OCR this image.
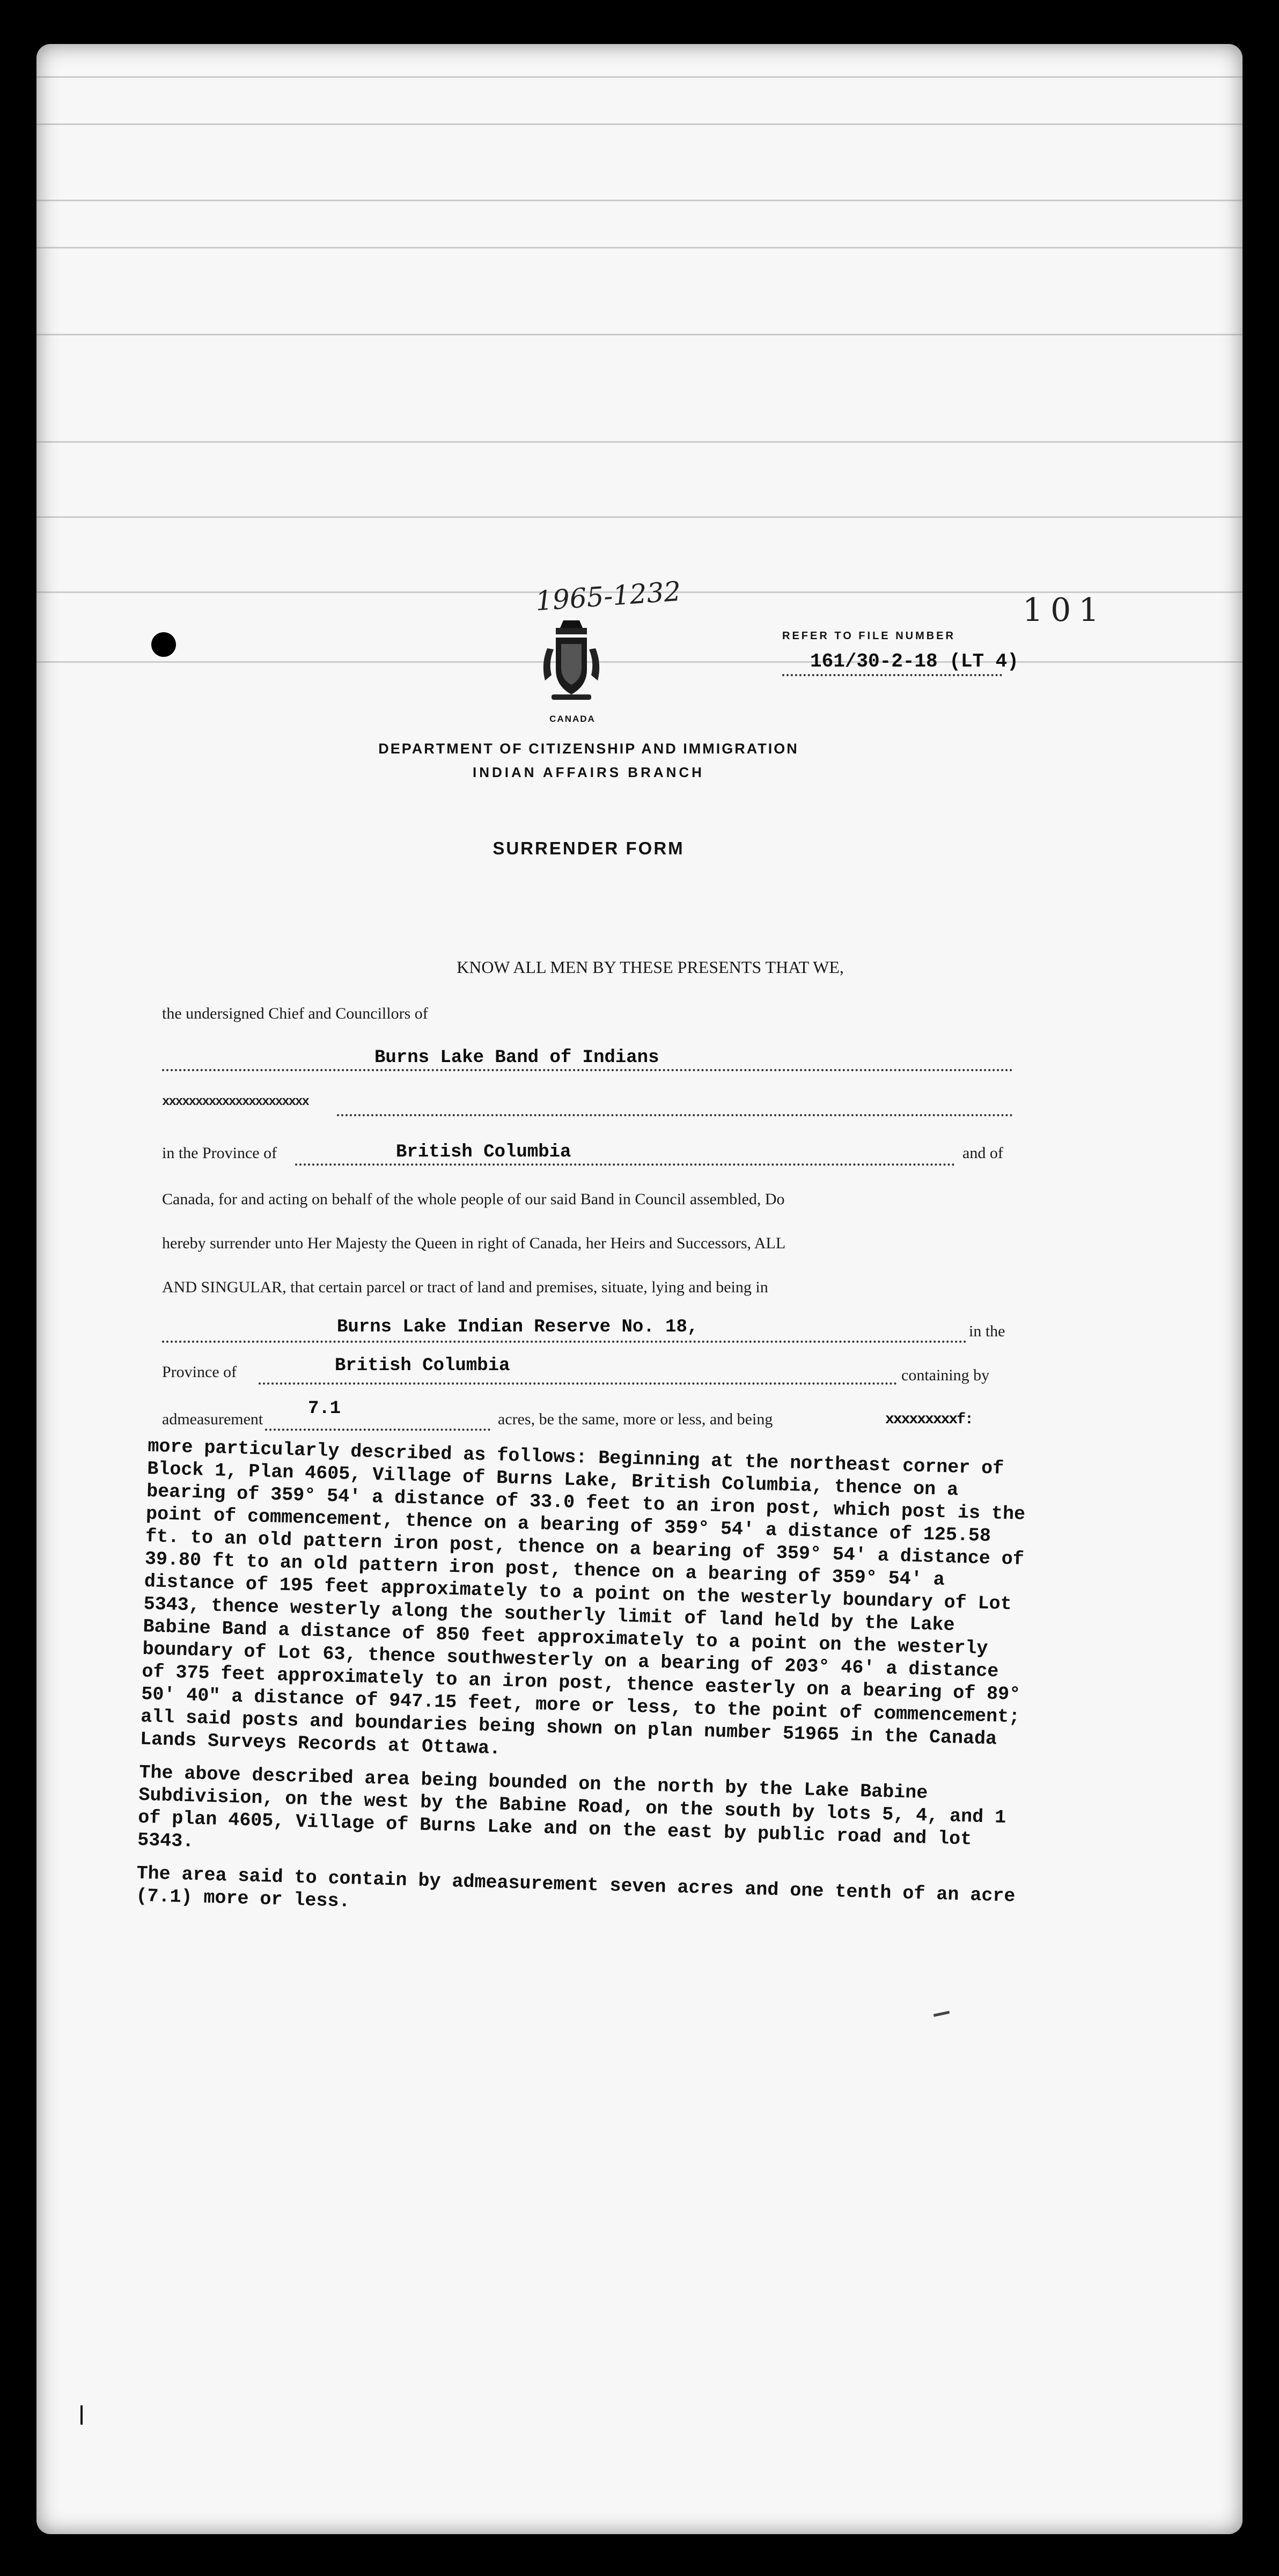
1965-1232	101
REFER TO FILE NUMBER
161/30-2-18 (LT 4)
CANADA
DEPARTMENT OF CITIZENSHIP AND IMMIGRATION
INDIAN AFFAIRS BRANCH
SURRENDER FORM
KNOW ALL MEN BY THESE PRESENTS THAT WE,
the undersigned Chief and Councillors of
Burns Lake Band of Indians
xxxxxxxxxxxxxxxxxxxxxx
in the Province of	British Columbia	and of
Canada, for and acting on behalf of the whole people of our said Band in Council assembled, Do
hereby surrender unto Her Majesty the Queen in right of Canada, her Heirs and Successors, ALL
AND SINGULAR, that certain parcel or tract of land and premises, situate, lying and being in
Burns Lake Indian Reserve No. 18,	in the
Province of	British Columbia	containing by
admeasurement
7.1
acres, be the same, more or less, and being	xxxxxxxxxf:

more particularly described as follows: Beginning at the northeast corner of Block 1, Plan 4605, Village of Burns Lake, British Columbia, thence on a bearing of 359° 54' a distance of 33.0 feet to an iron post, which post is the point of commencement, thence on a bearing of 359° 54' a distance of 125.58 ft. to an old pattern iron post, thence on a bearing of 359° 54' a distance of 39.80 ft to an old pattern iron post, thence on a bearing of 359° 54' a distance of 195 feet approximately to a point on the westerly boundary of Lot 5343, thence westerly along the southerly limit of land held by the Lake Babine Band a distance of 850 feet approximately to a point on the westerly boundary of Lot 63, thence southwesterly on a bearing of 203° 46' a distance of 375 feet approximately to an iron post, thence easterly on a bearing of 89° 50' 40" a distance of 947.15 feet, more or less, to the point of commencement; all said posts and boundaries being shown on plan number 51965 in the Canada Lands Surveys Records at Ottawa.

The above described area being bounded on the north by the Lake Babine Subdivision, on the west by the Babine Road, on the south by lots 5, 4, and 1 of plan 4605, Village of Burns Lake and on the east by public road and lot 5343.

The area said to contain by admeasurement seven acres and one tenth of an acre (7.1) more or less.
